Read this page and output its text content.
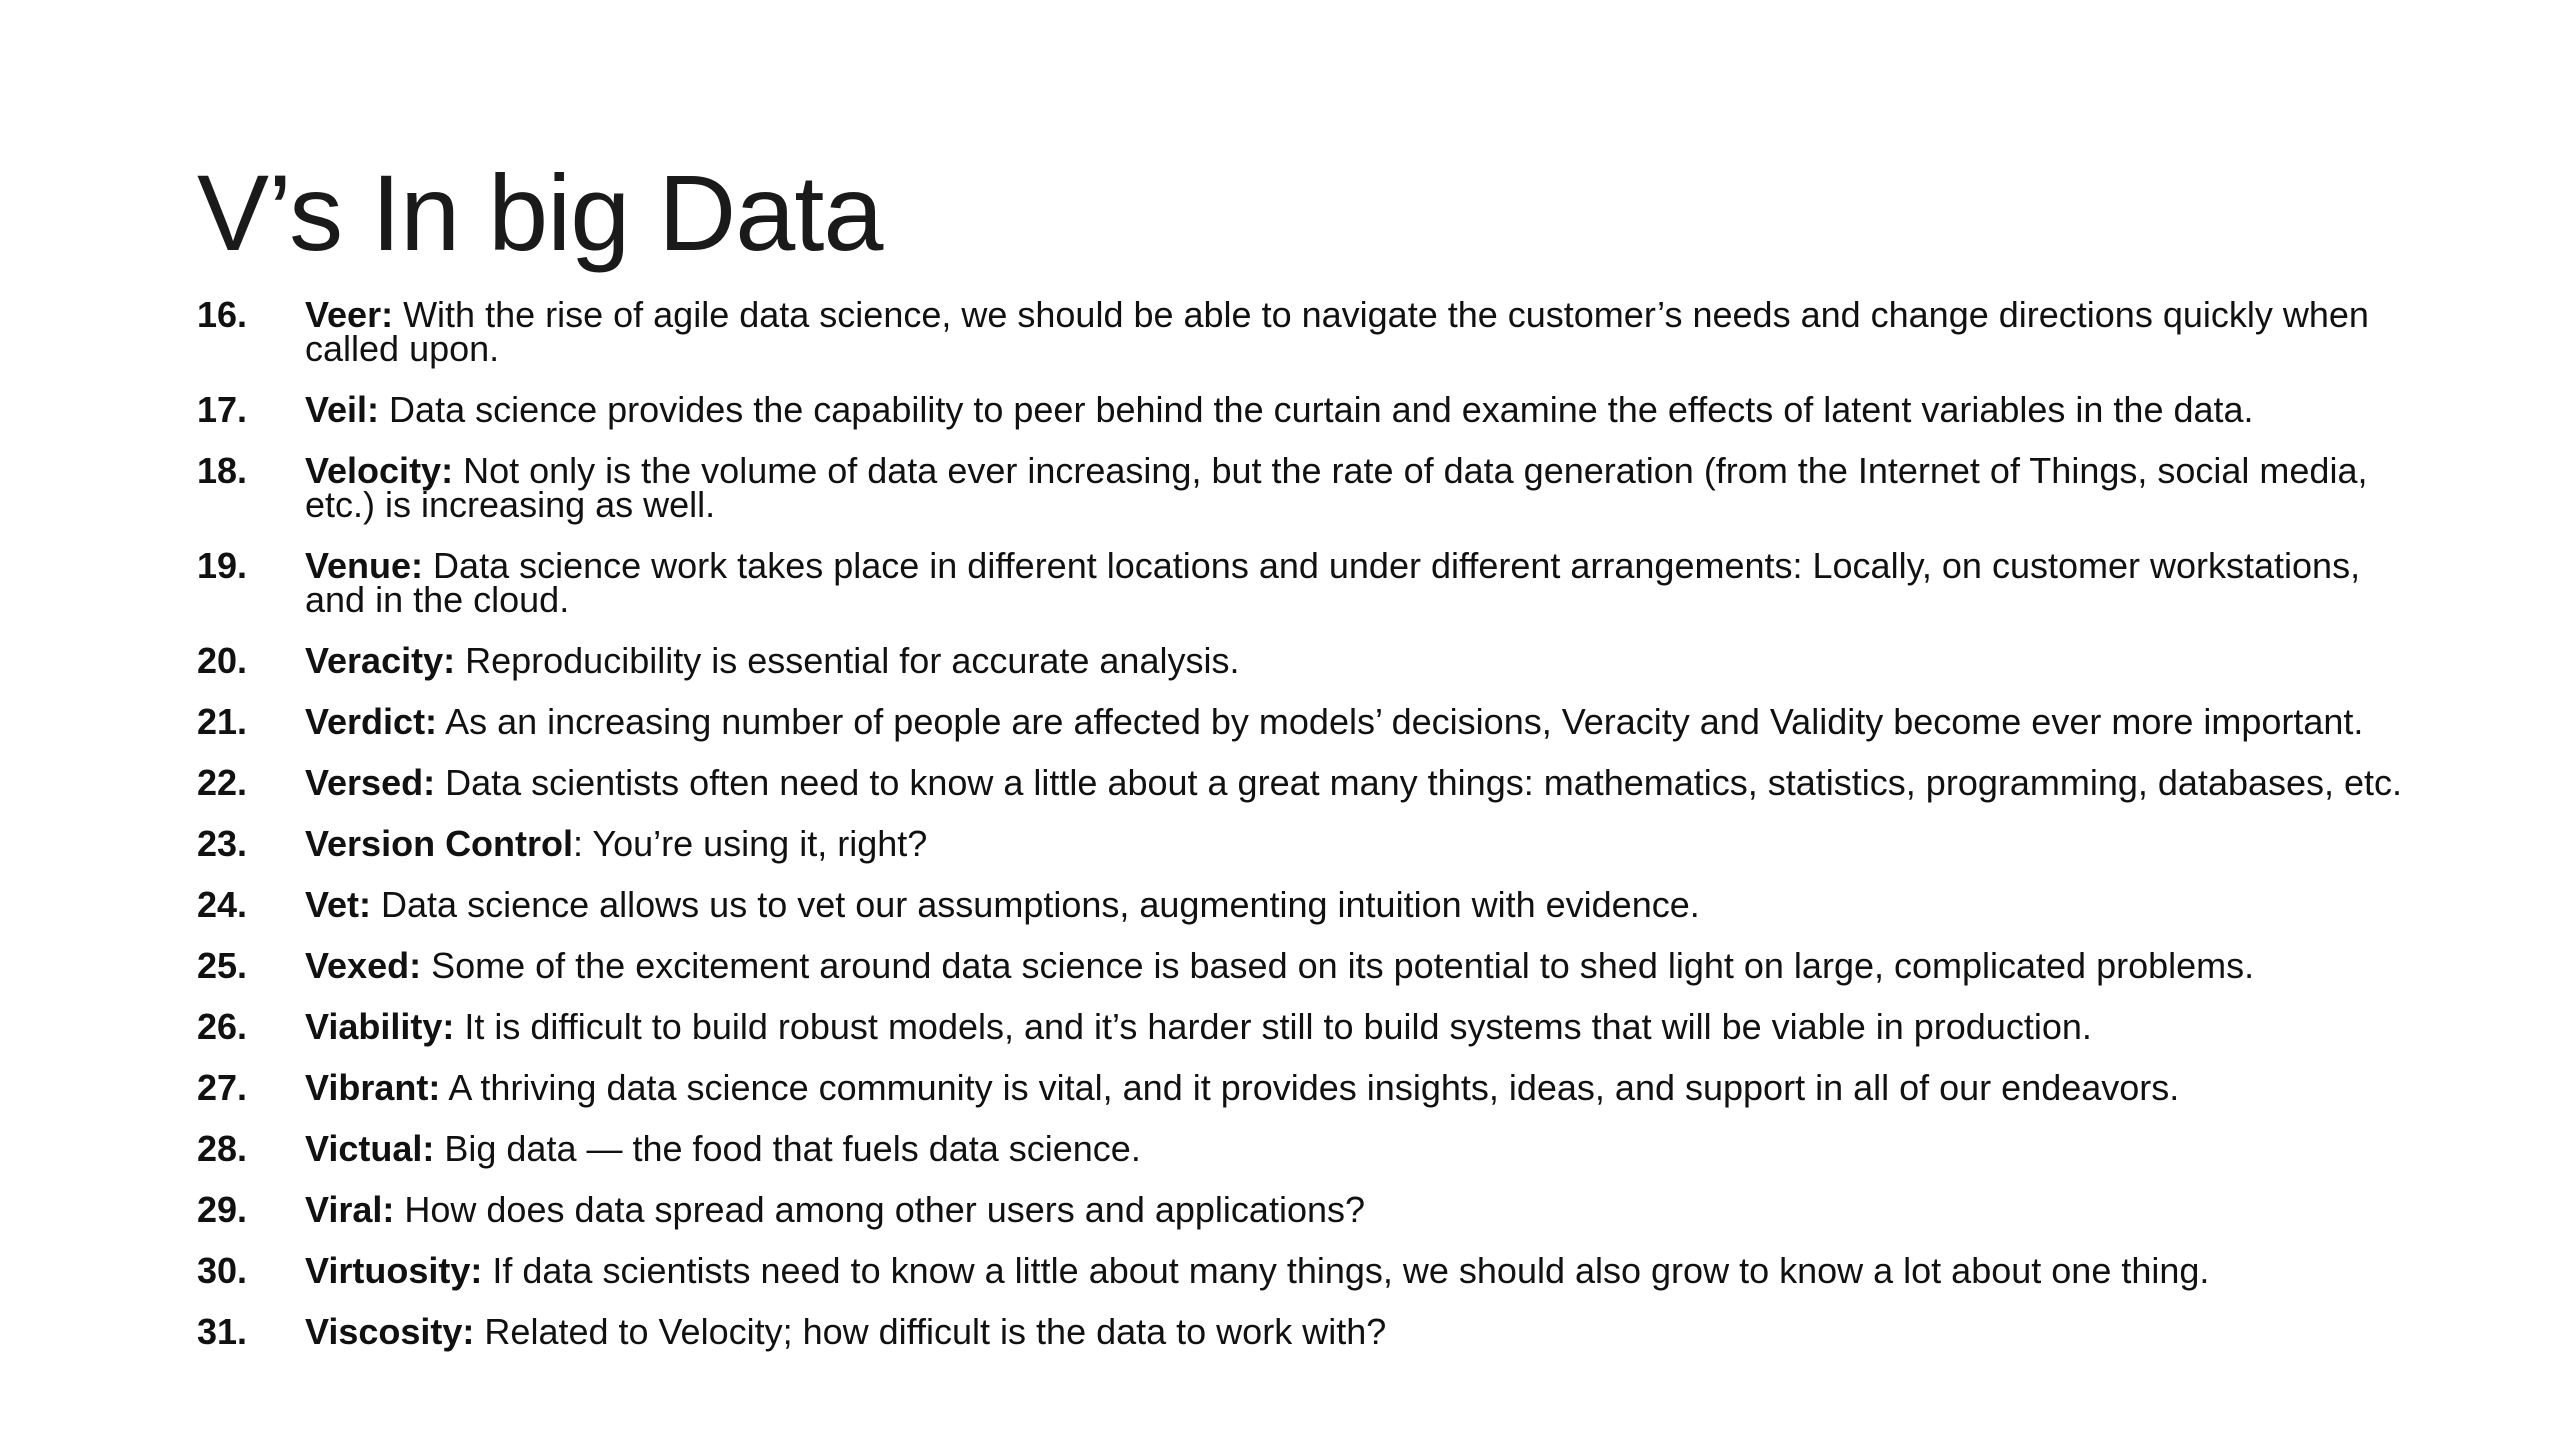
V’s In big Data
16.	Veer: With the rise of agile data science, we should be able to navigate the customer’s needs and change directions quickly when called upon.
17.	Veil: Data science provides the capability to peer behind the curtain and examine the effects of latent variables in the data.
18.	Velocity: Not only is the volume of data ever increasing, but the rate of data generation (from the Internet of Things, social media, etc.) is increasing as well.
19.	Venue: Data science work takes place in different locations and under different arrangements: Locally, on customer workstations, and in the cloud.
20.	Veracity: Reproducibility is essential for accurate analysis.
21.	Verdict: As an increasing number of people are affected by models’ decisions, Veracity and Validity become ever more important.
22.	Versed: Data scientists often need to know a little about a great many things: mathematics, statistics, programming, databases, etc.
23.	Version Control: You’re using it, right?
24.	Vet: Data science allows us to vet our assumptions, augmenting intuition with evidence.
25.	Vexed: Some of the excitement around data science is based on its potential to shed light on large, complicated problems.
26.	Viability: It is difficult to build robust models, and it’s harder still to build systems that will be viable in production.
27.	Vibrant: A thriving data science community is vital, and it provides insights, ideas, and support in all of our endeavors.
28.	Victual: Big data — the food that fuels data science.
29.	Viral: How does data spread among other users and applications?
30.	Virtuosity: If data scientists need to know a little about many things, we should also grow to know a lot about one thing.
31.	Viscosity: Related to Velocity; how difficult is the data to work with?
